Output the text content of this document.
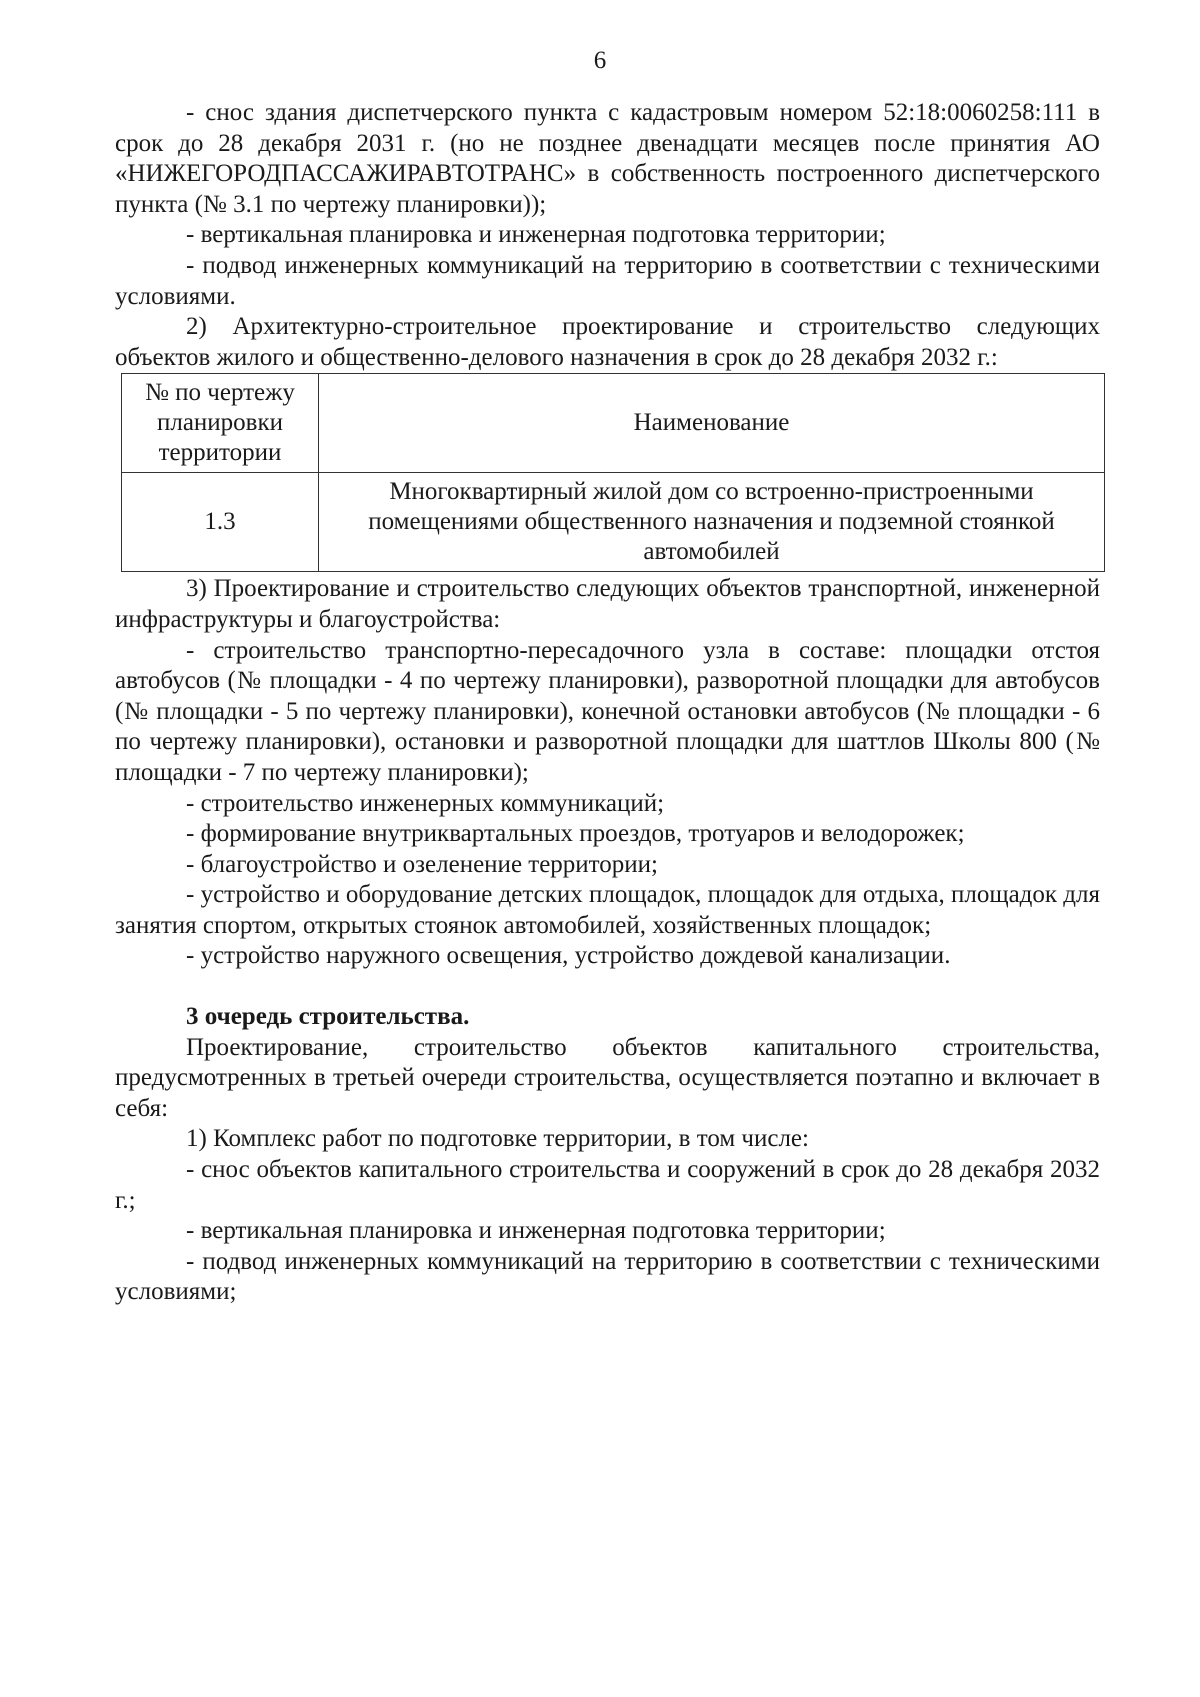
6

- снос здания диспетчерского пункта с кадастровым номером 52:18:0060258:111 в срок до 28 декабря 2031 г. (но не позднее двенадцати месяцев после принятия АО «НИЖЕГОРОДПАССАЖИРАВТОТРАНС» в собственность построенного диспетчерского пункта (№ 3.1 по чертежу планировки));

- вертикальная планировка и инженерная подготовка территории;

- подвод инженерных коммуникаций на территорию в соответствии с техническими условиями.

2) Архитектурно-строительное проектирование и строительство следующих объектов жилого и общественно-делового назначения в срок до 28 декабря 2032 г.:

№ по чертежу планировки территории	Наименование
1.3	Многоквартирный жилой дом со встроенно-пристроенными помещениями общественного назначения и подземной стоянкой автомобилей

3) Проектирование и строительство следующих объектов транспортной, инженерной инфраструктуры и благоустройства:

- строительство транспортно-пересадочного узла в составе: площадки отстоя автобусов (№ площадки - 4 по чертежу планировки), разворотной площадки для автобусов (№ площадки - 5 по чертежу планировки), конечной остановки автобусов (№ площадки - 6 по чертежу планировки), остановки и разворотной площадки для шаттлов Школы 800 (№ площадки - 7 по чертежу планировки);

- строительство инженерных коммуникаций;

- формирование внутриквартальных проездов, тротуаров и велодорожек;

- благоустройство и озеленение территории;

- устройство и оборудование детских площадок, площадок для отдыха, площадок для занятия спортом, открытых стоянок автомобилей, хозяйственных площадок;

- устройство наружного освещения, устройство дождевой канализации.

3 очередь строительства.

Проектирование, строительство объектов капитального строительства, предусмотренных в третьей очереди строительства, осуществляется поэтапно и включает в себя:

1) Комплекс работ по подготовке территории, в том числе:

- снос объектов капитального строительства и сооружений в срок до 28 декабря 2032 г.;

- вертикальная планировка и инженерная подготовка территории;

- подвод инженерных коммуникаций на территорию в соответствии с техническими условиями;
